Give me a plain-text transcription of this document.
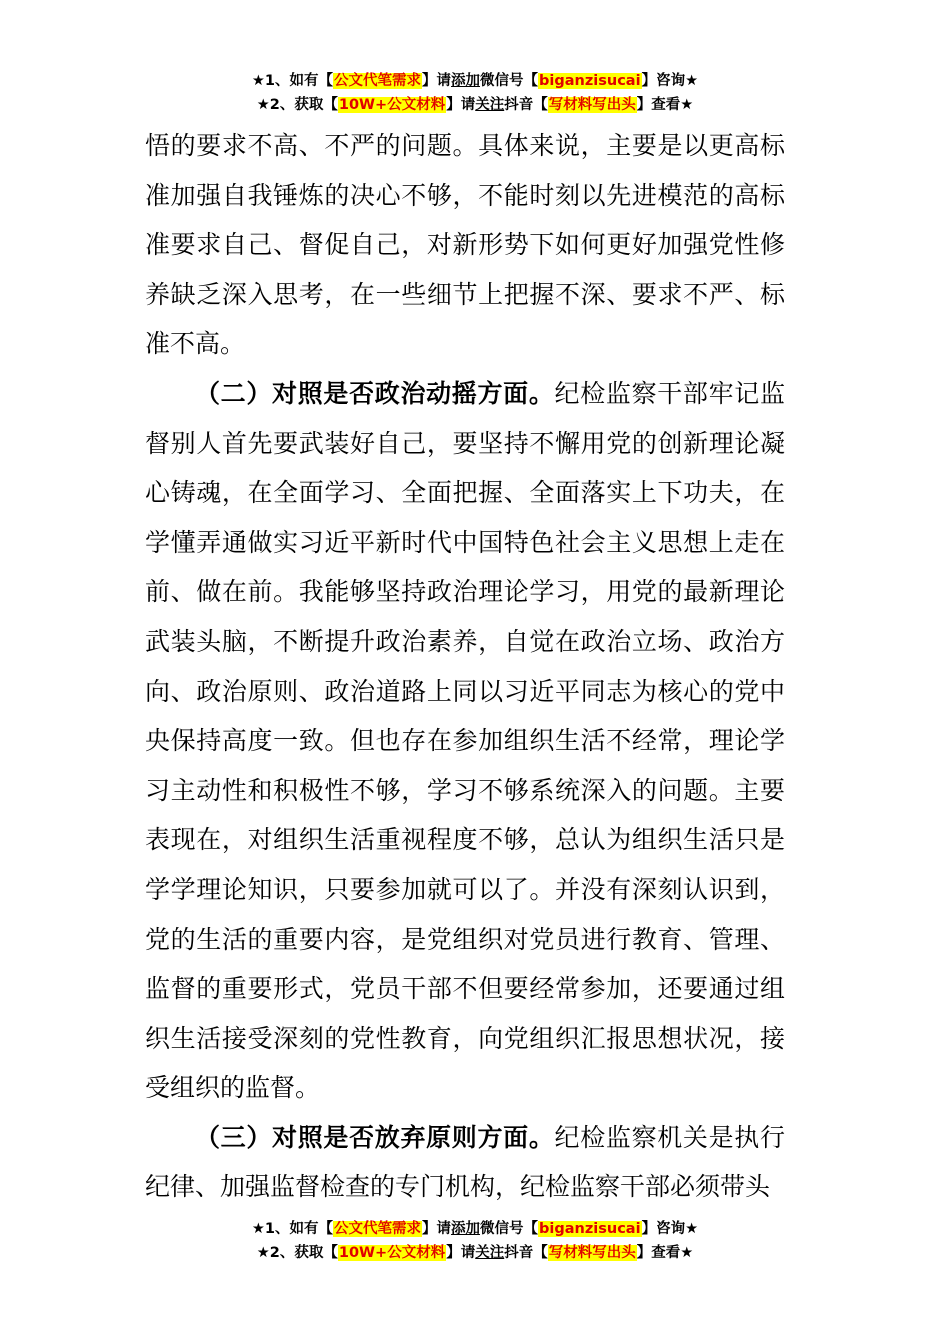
★1、如有【公文代笔需求】请添加微信号【biganzisucai】咨询★
★2、获取【10W+公文材料】请关注抖音【写材料写出头】查看★

悟的要求不高、不严的问题。具体来说，主要是以更高标准加强自我锤炼的决心不够，不能时刻以先进模范的高标准要求自己、督促自己，对新形势下如何更好加强党性修养缺乏深入思考，在一些细节上把握不深、要求不严、标准不高。

（二）对照是否政治动摇方面。纪检监察干部牢记监督别人首先要武装好自己，要坚持不懈用党的创新理论凝心铸魂，在全面学习、全面把握、全面落实上下功夫，在学懂弄通做实习近平新时代中国特色社会主义思想上走在前、做在前。我能够坚持政治理论学习，用党的最新理论武装头脑，不断提升政治素养，自觉在政治立场、政治方向、政治原则、政治道路上同以习近平同志为核心的党中央保持高度一致。但也存在参加组织生活不经常，理论学习主动性和积极性不够，学习不够系统深入的问题。主要表现在，对组织生活重视程度不够，总认为组织生活只是学学理论知识，只要参加就可以了。并没有深刻认识到，党的生活的重要内容，是党组织对党员进行教育、管理、监督的重要形式，党员干部不但要经常参加，还要通过组织生活接受深刻的党性教育，向党组织汇报思想状况，接受组织的监督。

（三）对照是否放弃原则方面。纪检监察机关是执行纪律、加强监督检查的专门机构，纪检监察干部必须带头

★1、如有【公文代笔需求】请添加微信号【biganzisucai】咨询★
★2、获取【10W+公文材料】请关注抖音【写材料写出头】查看★
